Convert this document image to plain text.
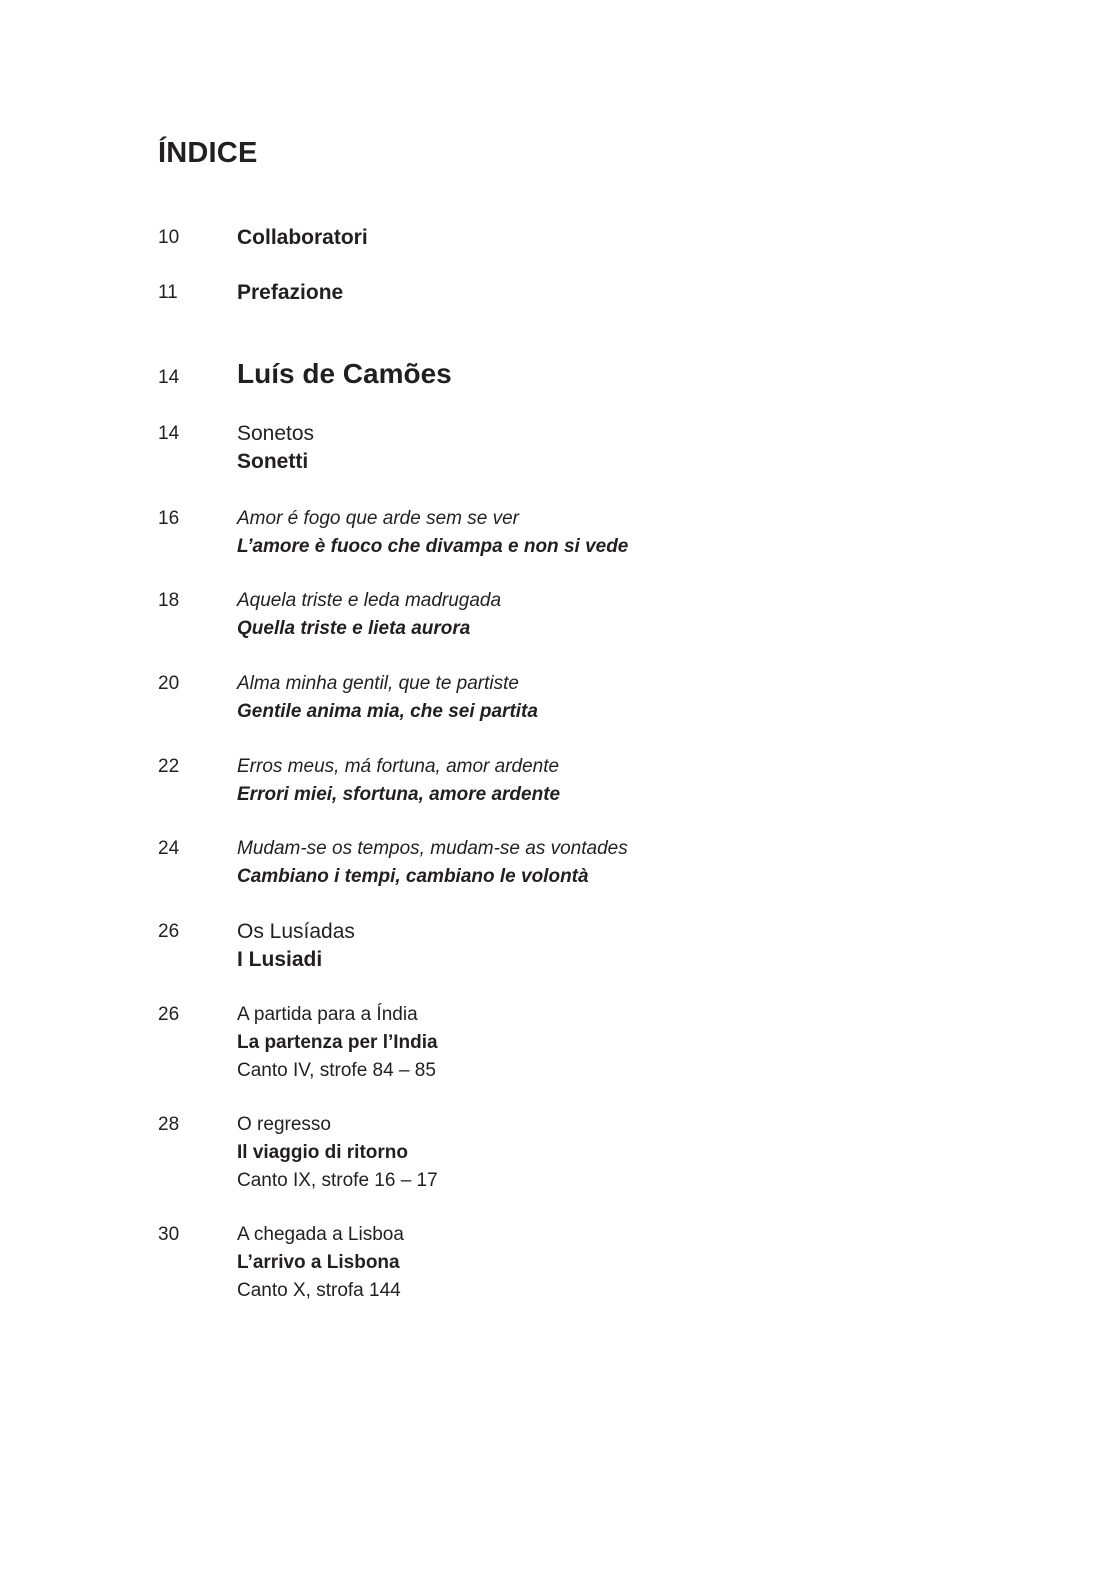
ÍNDICE
10	Collaboratori
11	Prefazione
14	Luís de Camões
14	Sonetos
Sonetti
16	Amor é fogo que arde sem se ver
L’amore è fuoco che divampa e non si vede
18	Aquela triste e leda madrugada
Quella triste e lieta aurora
20	Alma minha gentil, que te partiste
Gentile anima mia, che sei partita
22	Erros meus, má fortuna, amor ardente
Errori miei, sfortuna, amore ardente
24	Mudam-se os tempos, mudam-se as vontades
Cambiano i tempi, cambiano le volontà
26	Os Lusíadas
I Lusiadi
26	A partida para a Índia
La partenza per l’India
Canto IV, strofe 84 – 85
28	O regresso
Il viaggio di ritorno
Canto IX, strofe 16 – 17
30	A chegada a Lisboa
L’arrivo a Lisbona
Canto X, strofa 144
